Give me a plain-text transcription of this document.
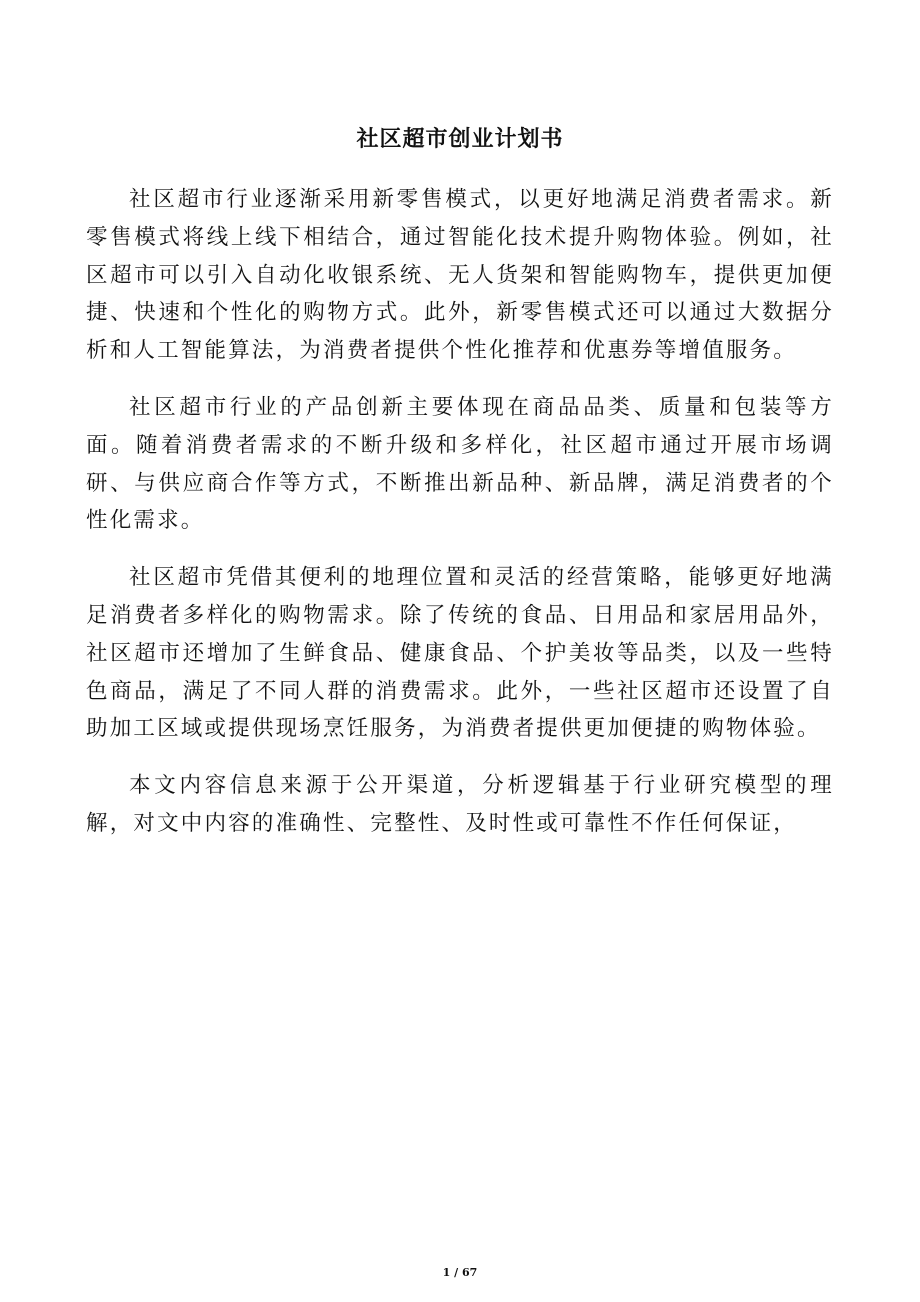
社区超市创业计划书

社区超市行业逐渐采用新零售模式，以更好地满足消费者需求。新零售模式将线上线下相结合，通过智能化技术提升购物体验。例如，社区超市可以引入自动化收银系统、无人货架和智能购物车，提供更加便捷、快速和个性化的购物方式。此外，新零售模式还可以通过大数据分析和人工智能算法，为消费者提供个性化推荐和优惠券等增值服务。

社区超市行业的产品创新主要体现在商品品类、质量和包装等方面。随着消费者需求的不断升级和多样化，社区超市通过开展市场调研、与供应商合作等方式，不断推出新品种、新品牌，满足消费者的个性化需求。

社区超市凭借其便利的地理位置和灵活的经营策略，能够更好地满足消费者多样化的购物需求。除了传统的食品、日用品和家居用品外，社区超市还增加了生鲜食品、健康食品、个护美妆等品类，以及一些特色商品，满足了不同人群的消费需求。此外，一些社区超市还设置了自助加工区域或提供现场烹饪服务，为消费者提供更加便捷的购物体验。

本文内容信息来源于公开渠道，分析逻辑基于行业研究模型的理解，对文中内容的准确性、完整性、及时性或可靠性不作任何保证，

1 / 67
